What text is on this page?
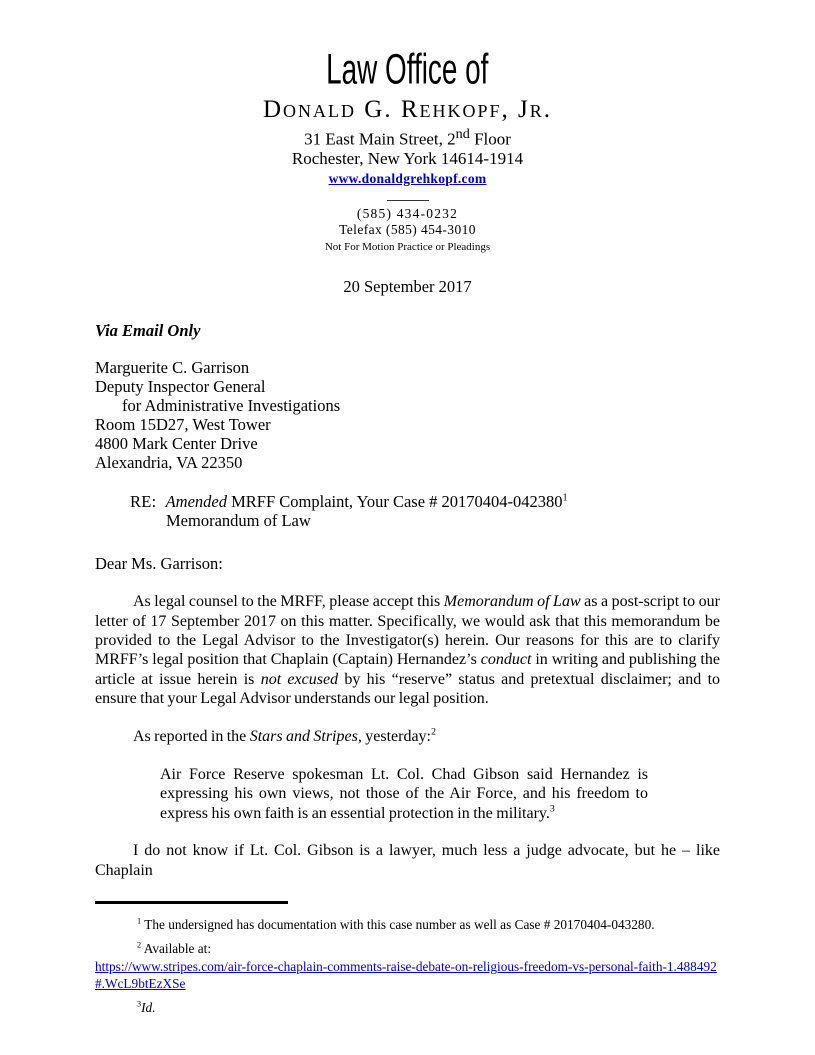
Law Office of
Donald G. Rehkopf, Jr.
31 East Main Street, 2nd Floor
Rochester, New York 14614-1914
www.donaldgrehkopf.com
(585) 434-0232
Telefax (585) 454-3010
Not For Motion Practice or Pleadings
20 September 2017
Via Email Only
Marguerite C. Garrison
Deputy Inspector General
for Administrative Investigations
Room 15D27, West Tower
4800 Mark Center Drive
Alexandria, VA 22350
RE: Amended MRFF Complaint, Your Case # 20170404-042380$^1$
Memorandum of Law
Dear Ms. Garrison:

As legal counsel to the MRFF, please accept this Memorandum of Law as a post-script to our letter of 17 September 2017 on this matter. Specifically, we would ask that this memorandum be provided to the Legal Advisor to the Investigator(s) herein. Our reasons for this are to clarify MRFF’s legal position that Chaplain (Captain) Hernandez’s conduct in writing and publishing the article at issue herein is not excused by his “reserve” status and pretextual disclaimer; and to ensure that your Legal Advisor understands our legal position.

As reported in the Stars and Stripes, yesterday:$^2$

Air Force Reserve spokesman Lt. Col. Chad Gibson said Hernandez is expressing his own views, not those of the Air Force, and his freedom to express his own faith is an essential protection in the military.$^3$

I do not know if Lt. Col. Gibson is a lawyer, much less a judge advocate, but he – like Chaplain

$^1$ The undersigned has documentation with this case number as well as Case # 20170404-043280.
$^2$ Available at:
https://www.stripes.com/air-force-chaplain-comments-raise-debate-on-religious-freedom-vs-personal-faith-1.488492
#.WcL9btEzXSe
$^3$Id.
